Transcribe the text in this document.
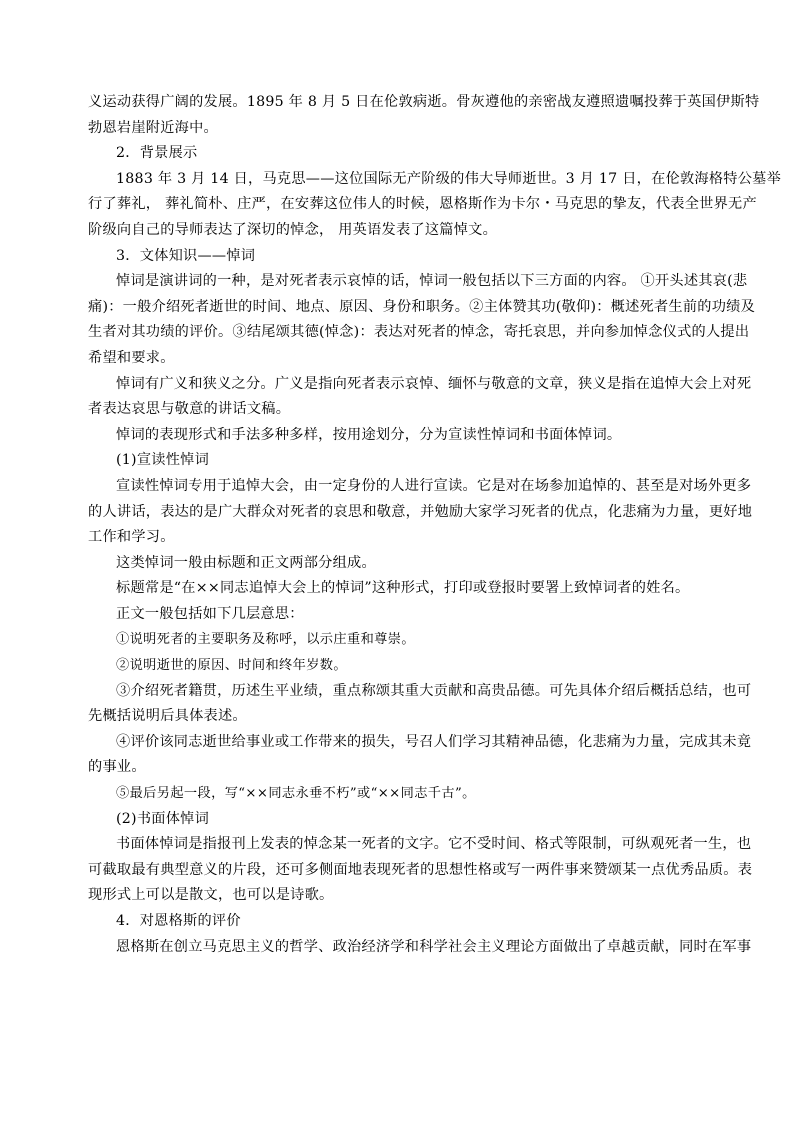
义运动获得广阔的发展。1895 年 8 月 5 日在伦敦病逝。骨灰遵他的亲密战友遵照遗嘱投葬于英国伊斯特
勃恩岩崖附近海中。
2．背景展示
1883 年 3 月 14 日，马克思——这位国际无产阶级的伟大导师逝世。3 月 17 日，在伦敦海格特公墓举
行了葬礼， 葬礼简朴、庄严，在安葬这位伟人的时候，恩格斯作为卡尔・马克思的挚友，代表全世界无产
阶级向自己的导师表达了深切的悼念， 用英语发表了这篇悼文。
3．文体知识——悼词
悼词是演讲词的一种，是对死者表示哀悼的话，悼词一般包括以下三方面的内容。 ①开头述其哀(悲
痛)：一般介绍死者逝世的时间、地点、原因、身份和职务。②主体赞其功(敬仰)：概述死者生前的功绩及
生者对其功绩的评价。③结尾颂其德(悼念)：表达对死者的悼念，寄托哀思，并向参加悼念仪式的人提出
希望和要求。
悼词有广义和狭义之分。广义是指向死者表示哀悼、缅怀与敬意的文章，狭义是指在追悼大会上对死
者表达哀思与敬意的讲话文稿。
悼词的表现形式和手法多种多样，按用途划分，分为宣读性悼词和书面体悼词。
(1)宣读性悼词
宣读性悼词专用于追悼大会，由一定身份的人进行宣读。它是对在场参加追悼的、甚至是对场外更多
的人讲话，表达的是广大群众对死者的哀思和敬意，并勉励大家学习死者的优点，化悲痛为力量，更好地
工作和学习。
这类悼词一般由标题和正文两部分组成。
标题常是“在××同志追悼大会上的悼词”这种形式，打印或登报时要署上致悼词者的姓名。
正文一般包括如下几层意思：
①说明死者的主要职务及称呼，以示庄重和尊崇。
②说明逝世的原因、时间和终年岁数。
③介绍死者籍贯，历述生平业绩，重点称颂其重大贡献和高贵品德。可先具体介绍后概括总结，也可
先概括说明后具体表述。
④评价该同志逝世给事业或工作带来的损失，号召人们学习其精神品德，化悲痛为力量，完成其未竟
的事业。
⑤最后另起一段，写“××同志永垂不朽”或“××同志千古”。
(2)书面体悼词
书面体悼词是指报刊上发表的悼念某一死者的文字。它不受时间、格式等限制，可纵观死者一生，也
可截取最有典型意义的片段，还可多侧面地表现死者的思想性格或写一两件事来赞颂某一点优秀品质。表
现形式上可以是散文，也可以是诗歌。
4．对恩格斯的评价
恩格斯在创立马克思主义的哲学、政治经济学和科学社会主义理论方面做出了卓越贡献，同时在军事
